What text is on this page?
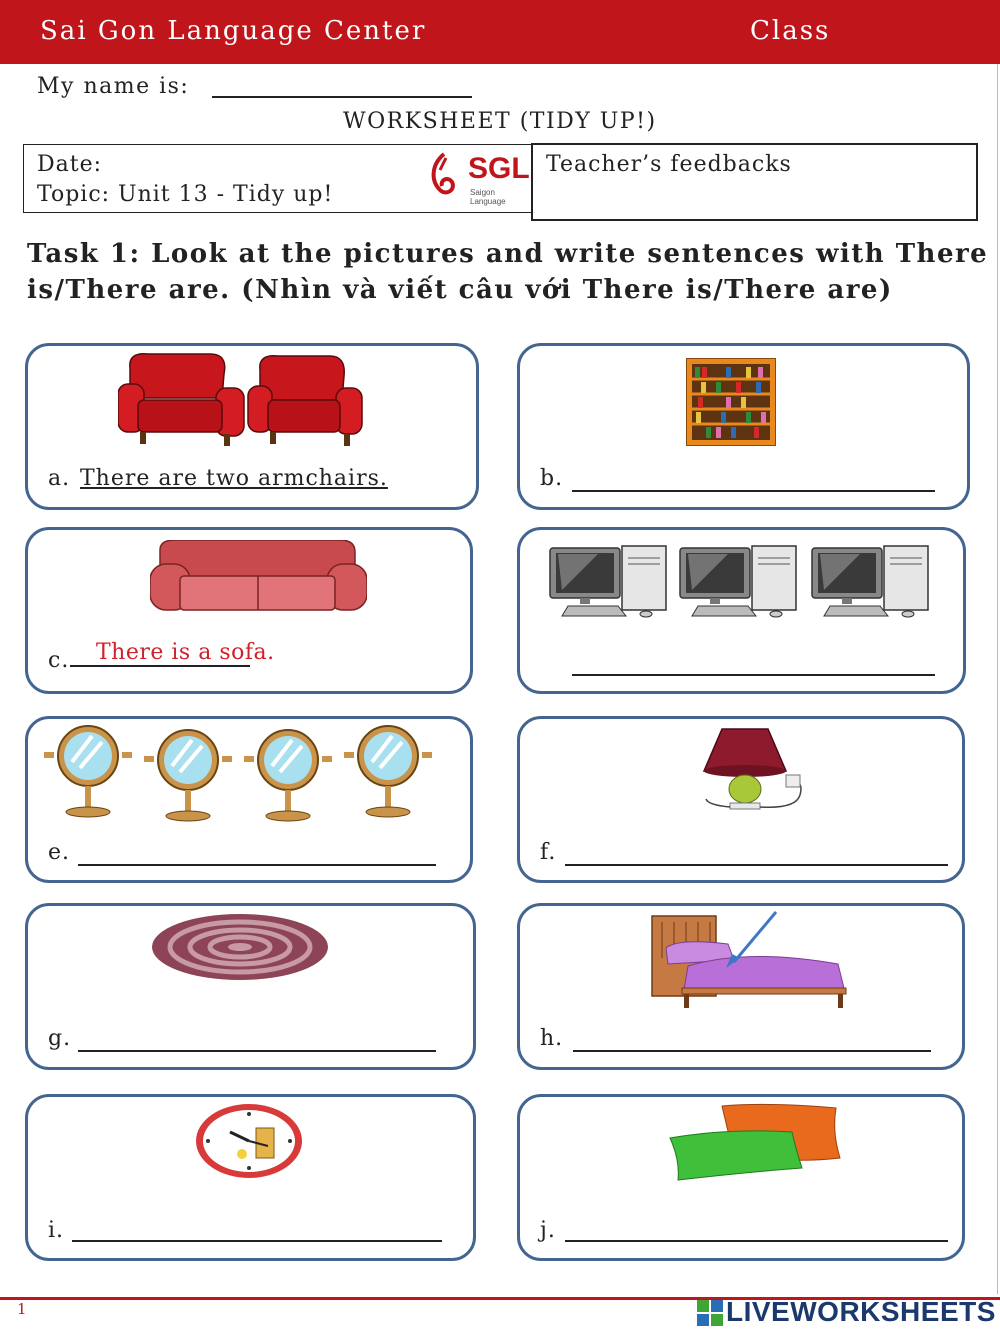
Sai Gon Language Center	Class
My name is:
WORKSHEET (TIDY UP!)
Date:
Topic: Unit 13 - Tidy up!
SGL
Saigon Language
Teacher’s feedbacks
Task 1: Look at the pictures and write sentences with There
is/There are. (Nhìn và viết câu với There is/There are)
a. There are two armchairs.	b.
c. There is a sofa.
e.	f.
g.	h.
i.	j.
1	LIVEWORKSHEETS
